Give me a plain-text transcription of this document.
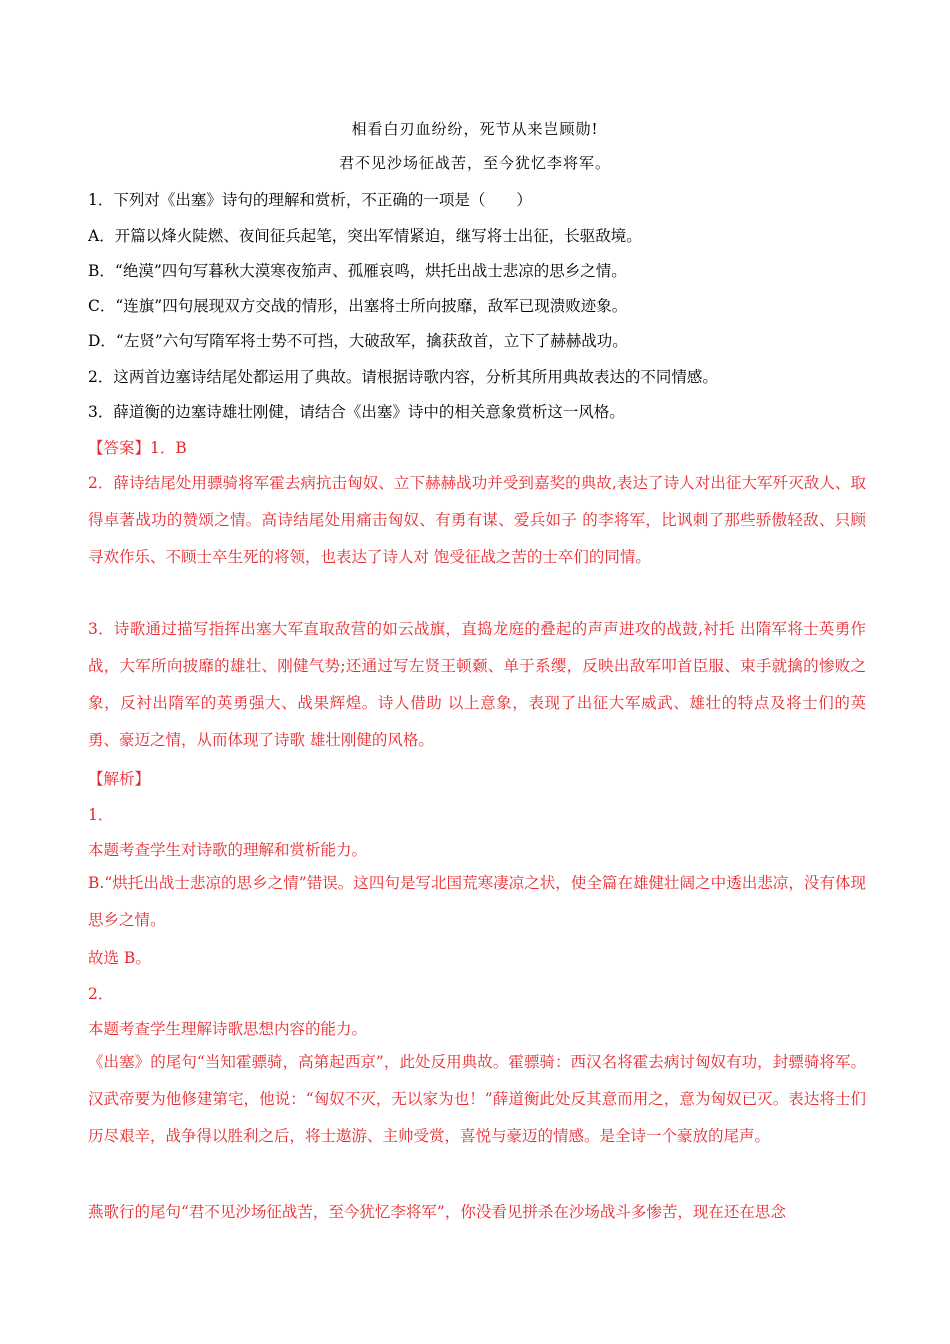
相看白刃血纷纷，死节从来岂顾勋!
君不见沙场征战苦，至今犹忆李将军。
1．下列对《出塞》诗句的理解和赏析，不正确的一项是（　　）
A．开篇以烽火陡燃、夜间征兵起笔，突出军情紧迫，继写将士出征，长驱敌境。
B．“绝漠”四句写暮秋大漠寒夜笳声、孤雁哀鸣，烘托出战士悲凉的思乡之情。
C．“连旗”四句展现双方交战的情形，出塞将士所向披靡，敌军已现溃败迹象。
D．“左贤”六句写隋军将士势不可挡，大破敌军，擒获敌首，立下了赫赫战功。
2．这两首边塞诗结尾处都运用了典故。请根据诗歌内容，分析其所用典故表达的不同情感。
3．薛道衡的边塞诗雄壮刚健，请结合《出塞》诗中的相关意象赏析这一风格。
【答案】1．B
2．薛诗结尾处用骠骑将军霍去病抗击匈奴、立下赫赫战功并受到嘉奖的典故,表达了诗人对出征大军歼灭敌人、取得卓著战功的赞颂之情。高诗结尾处用痛击匈奴、有勇有谋、爱兵如子 的李将军，比讽刺了那些骄傲轻敌、只顾寻欢作乐、不顾士卒生死的将领，也表达了诗人对 饱受征战之苦的士卒们的同情。
3．诗歌通过描写指挥出塞大军直取敌营的如云战旗，直捣龙庭的叠起的声声进攻的战鼓,衬托 出隋军将士英勇作战，大军所向披靡的雄壮、刚健气势;还通过写左贤王顿颡、单于系缨，反映出敌军叩首臣服、束手就擒的惨败之象，反衬出隋军的英勇强大、战果辉煌。诗人借助 以上意象，表现了出征大军威武、雄壮的特点及将士们的英勇、豪迈之情，从而体现了诗歌 雄壮刚健的风格。
【解析】
1．
本题考查学生对诗歌的理解和赏析能力。
B.“烘托出战士悲凉的思乡之情”错误。这四句是写北国荒寒凄凉之状，使全篇在雄健壮阔之中透出悲凉，没有体现思乡之情。
故选 B。
2．
本题考查学生理解诗歌思想内容的能力。
《出塞》的尾句“当知霍骠骑，高第起西京”，此处反用典故。霍骠骑：西汉名将霍去病讨匈奴有功，封骠骑将军。汉武帝要为他修建第宅，他说：“匈奴不灭，无以家为也！”薛道衡此处反其意而用之，意为匈奴已灭。表达将士们历尽艰辛，战争得以胜利之后，将士遨游、主帅受赏，喜悦与豪迈的情感。是全诗一个豪放的尾声。
燕歌行的尾句“君不见沙场征战苦，至今犹忆李将军”，你没看见拼杀在沙场战斗多惨苦，现在还在思念
